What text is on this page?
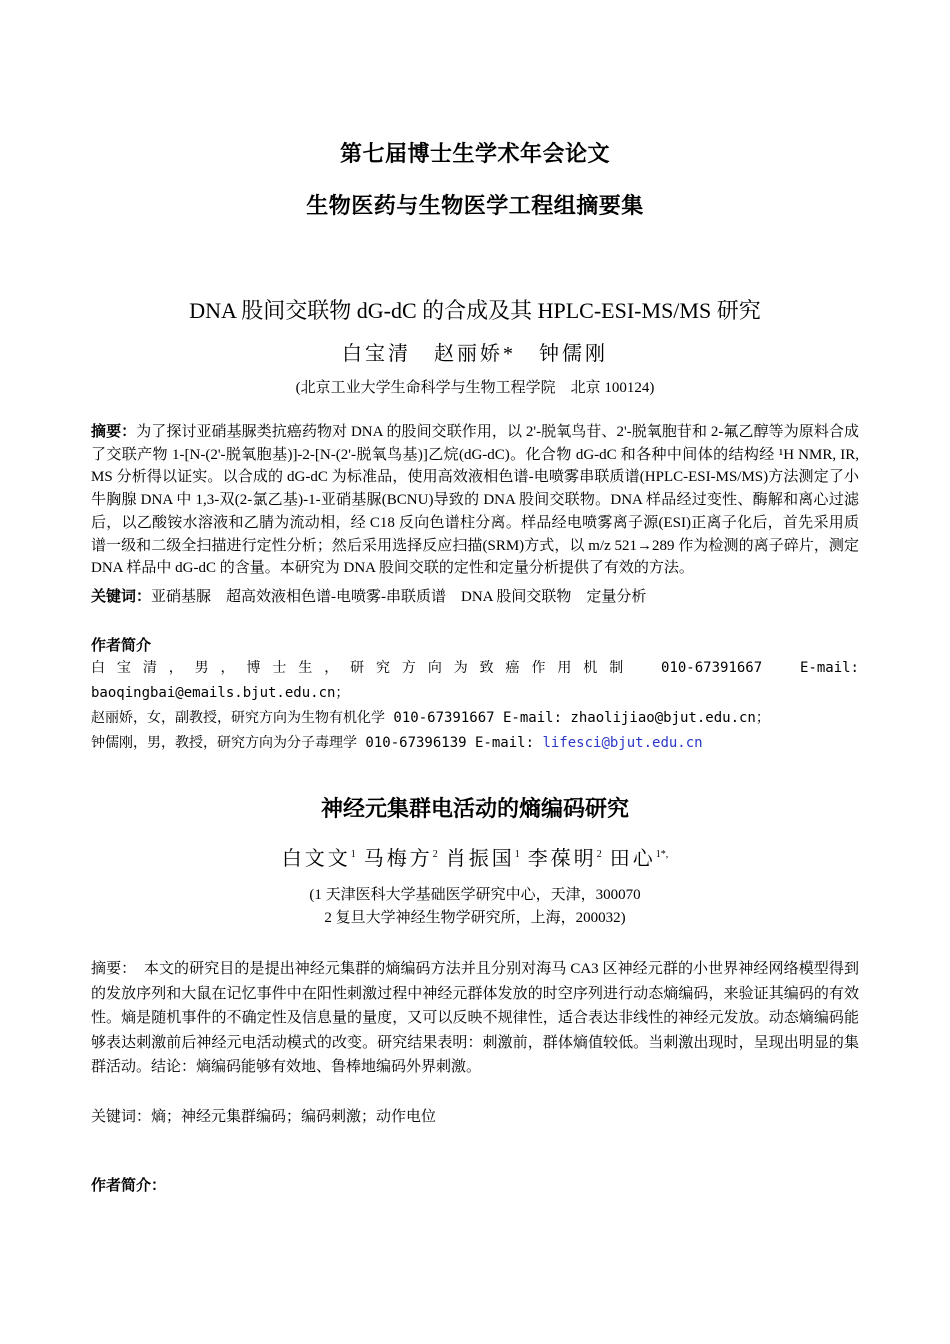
第七届博士生学术年会论文
生物医药与生物医学工程组摘要集
DNA 股间交联物 dG-dC 的合成及其 HPLC-ESI-MS/MS 研究
白宝清　赵丽娇*　钟儒刚
(北京工业大学生命科学与生物工程学院　北京 100124)
摘要：为了探讨亚硝基脲类抗癌药物对 DNA 的股间交联作用，以 2'-脱氧鸟苷、2'-脱氧胞苷和 2-氟乙醇等为原料合成了交联产物 1-[N-(2'-脱氧胞基)]-2-[N-(2'-脱氧鸟基)]乙烷(dG-dC)。化合物 dG-dC 和各种中间体的结构经 ¹H NMR, IR, MS 分析得以证实。以合成的 dG-dC 为标准品，使用高效液相色谱-电喷雾串联质谱(HPLC-ESI-MS/MS)方法测定了小牛胸腺 DNA 中 1,3-双(2-氯乙基)-1-亚硝基脲(BCNU)导致的 DNA 股间交联物。DNA 样品经过变性、酶解和离心过滤后，以乙酸铵水溶液和乙腈为流动相，经 C18 反向色谱柱分离。样品经电喷雾离子源(ESI)正离子化后，首先采用质谱一级和二级全扫描进行定性分析；然后采用选择反应扫描(SRM)方式，以 m/z 521→289 作为检测的离子碎片，测定 DNA 样品中 dG-dC 的含量。本研究为 DNA 股间交联的定性和定量分析提供了有效的方法。
关键词：亚硝基脲　超高效液相色谱-电喷雾-串联质谱　DNA 股间交联物　定量分析
作者简介
白宝清，男，博士生，研究方向为致癌作用机制　010-67391667　E-mail:
baoqingbai@emails.bjut.edu.cn；
赵丽娇，女，副教授，研究方向为生物有机化学 010-67391667 E-mail: zhaolijiao@bjut.edu.cn；
钟儒刚，男，教授，研究方向为分子毒理学 010-67396139 E-mail: lifesci@bjut.edu.cn
神经元集群电活动的熵编码研究
白文文$^1$ 马梅方$^2$ 肖振国$^1$ 李葆明$^2$ 田心$^{1*,}$
(1 天津医科大学基础医学研究中心，天津，300070
2 复旦大学神经生物学研究所，上海，200032)
摘要：　本文的研究目的是提出神经元集群的熵编码方法并且分别对海马 CA3 区神经元群的小世界神经网络模型得到的发放序列和大鼠在记忆事件中在阳性刺激过程中神经元群体发放的时空序列进行动态熵编码，来验证其编码的有效性。熵是随机事件的不确定性及信息量的量度，又可以反映不规律性，适合表达非线性的神经元发放。动态熵编码能够表达刺激前后神经元电活动模式的改变。研究结果表明：刺激前，群体熵值较低。当刺激出现时，呈现出明显的集群活动。结论：熵编码能够有效地、鲁棒地编码外界刺激。
关键词：熵；神经元集群编码；编码刺激；动作电位
作者简介：
